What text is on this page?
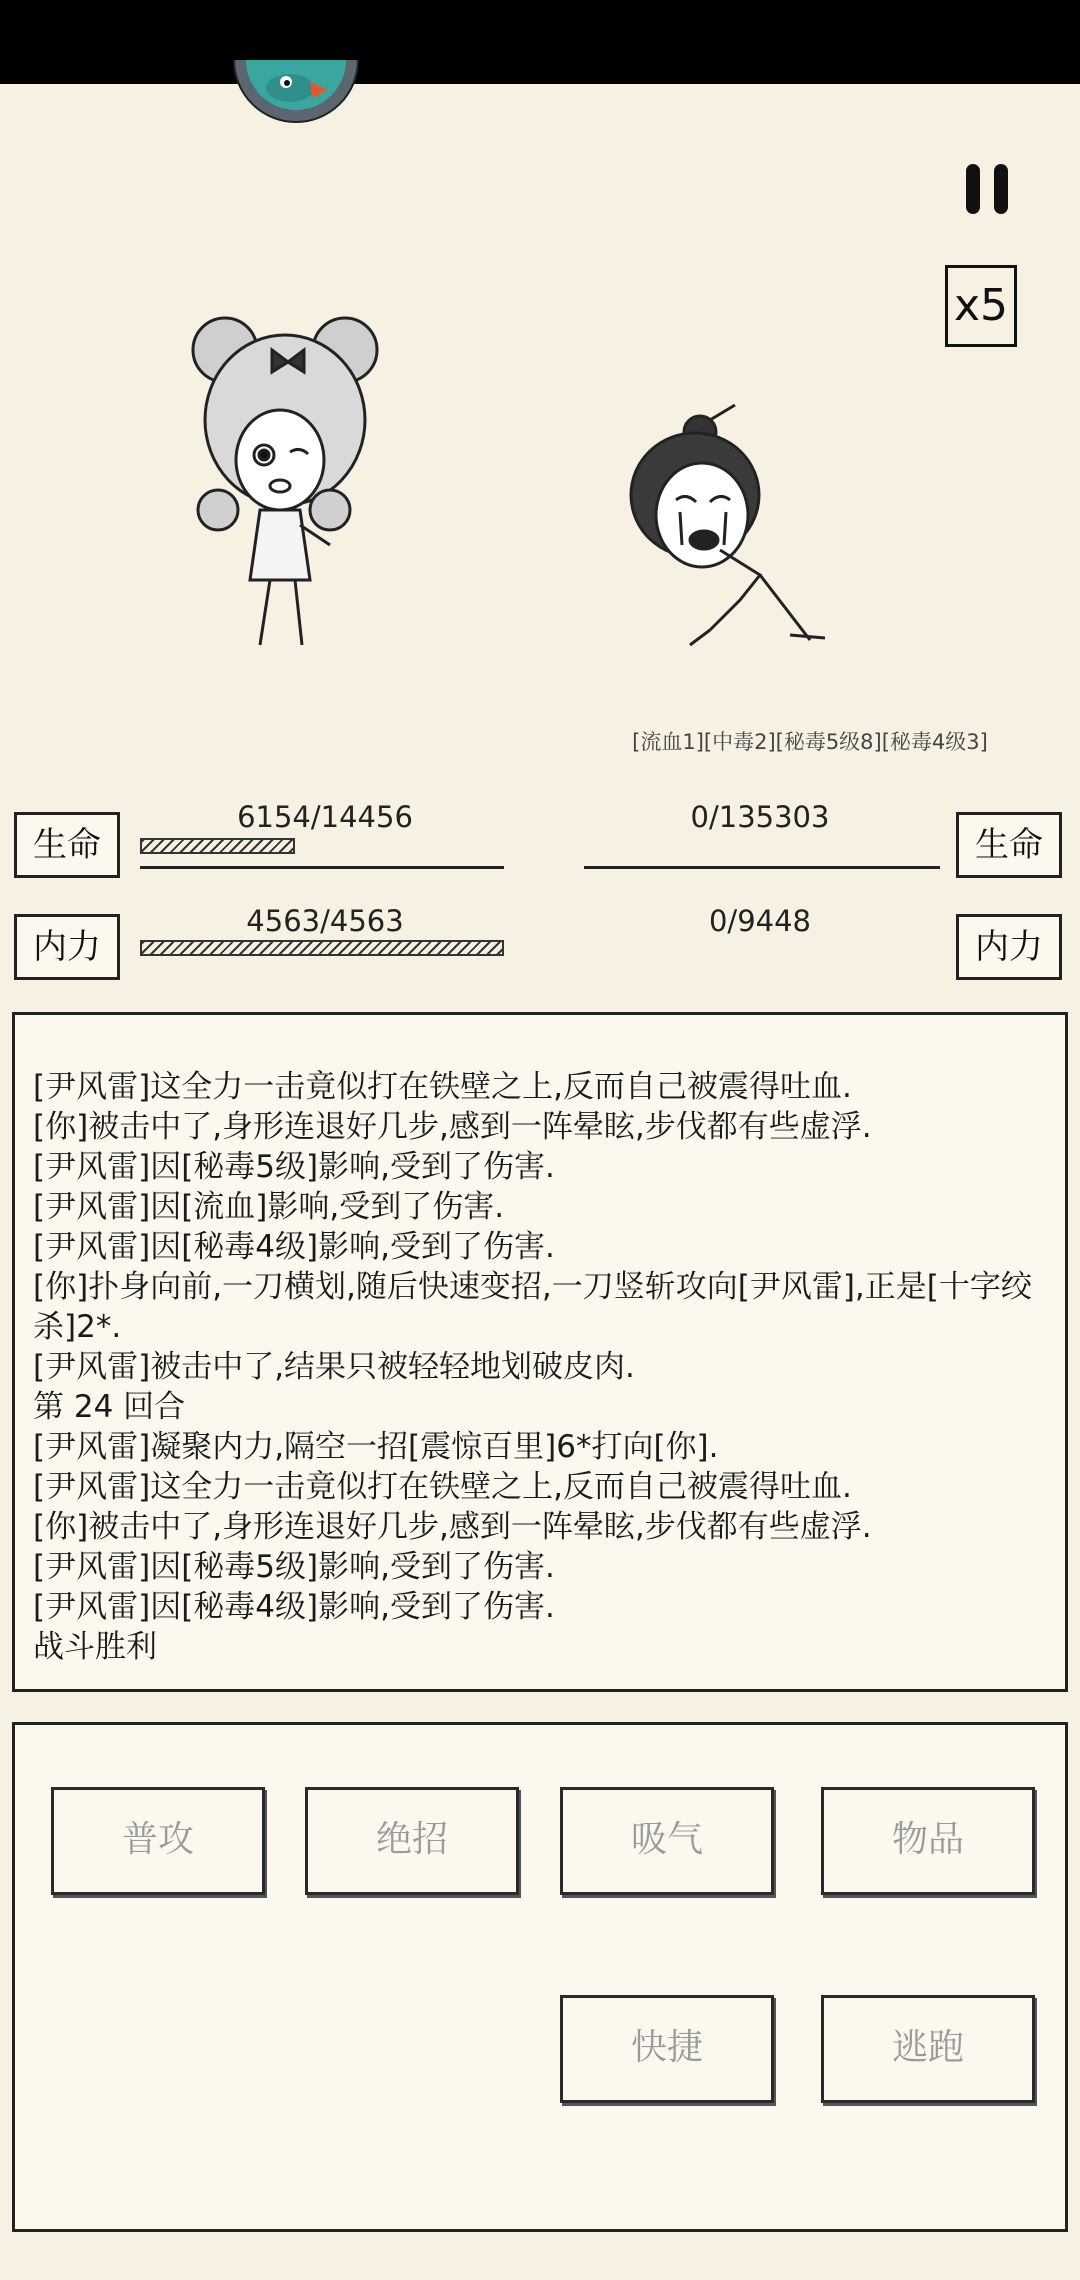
x5
[流血1][中毒2][秘毒5级8][秘毒4级3]
生命
6154/14456
内力
4563/4563
生命
0/135303
内力
0/9448
[尹风雷]这全力一击竟似打在铁壁之上,反而自己被震得吐血.
[你]被击中了,身形连退好几步,感到一阵晕眩,步伐都有些虚浮.
[尹风雷]因[秘毒5级]影响,受到了伤害.
[尹风雷]因[流血]影响,受到了伤害.
[尹风雷]因[秘毒4级]影响,受到了伤害.
[你]扑身向前,一刀横划,随后快速变招,一刀竖斩攻向[尹风雷],正是[十字绞杀]2*.
[尹风雷]被击中了,结果只被轻轻地划破皮肉.
第 24 回合
[尹风雷]凝聚内力,隔空一招[震惊百里]6*打向[你].
[尹风雷]这全力一击竟似打在铁壁之上,反而自己被震得吐血.
[你]被击中了,身形连退好几步,感到一阵晕眩,步伐都有些虚浮.
[尹风雷]因[秘毒5级]影响,受到了伤害.
[尹风雷]因[秘毒4级]影响,受到了伤害.
战斗胜利
普攻	绝招	吸气	物品
快捷	逃跑
